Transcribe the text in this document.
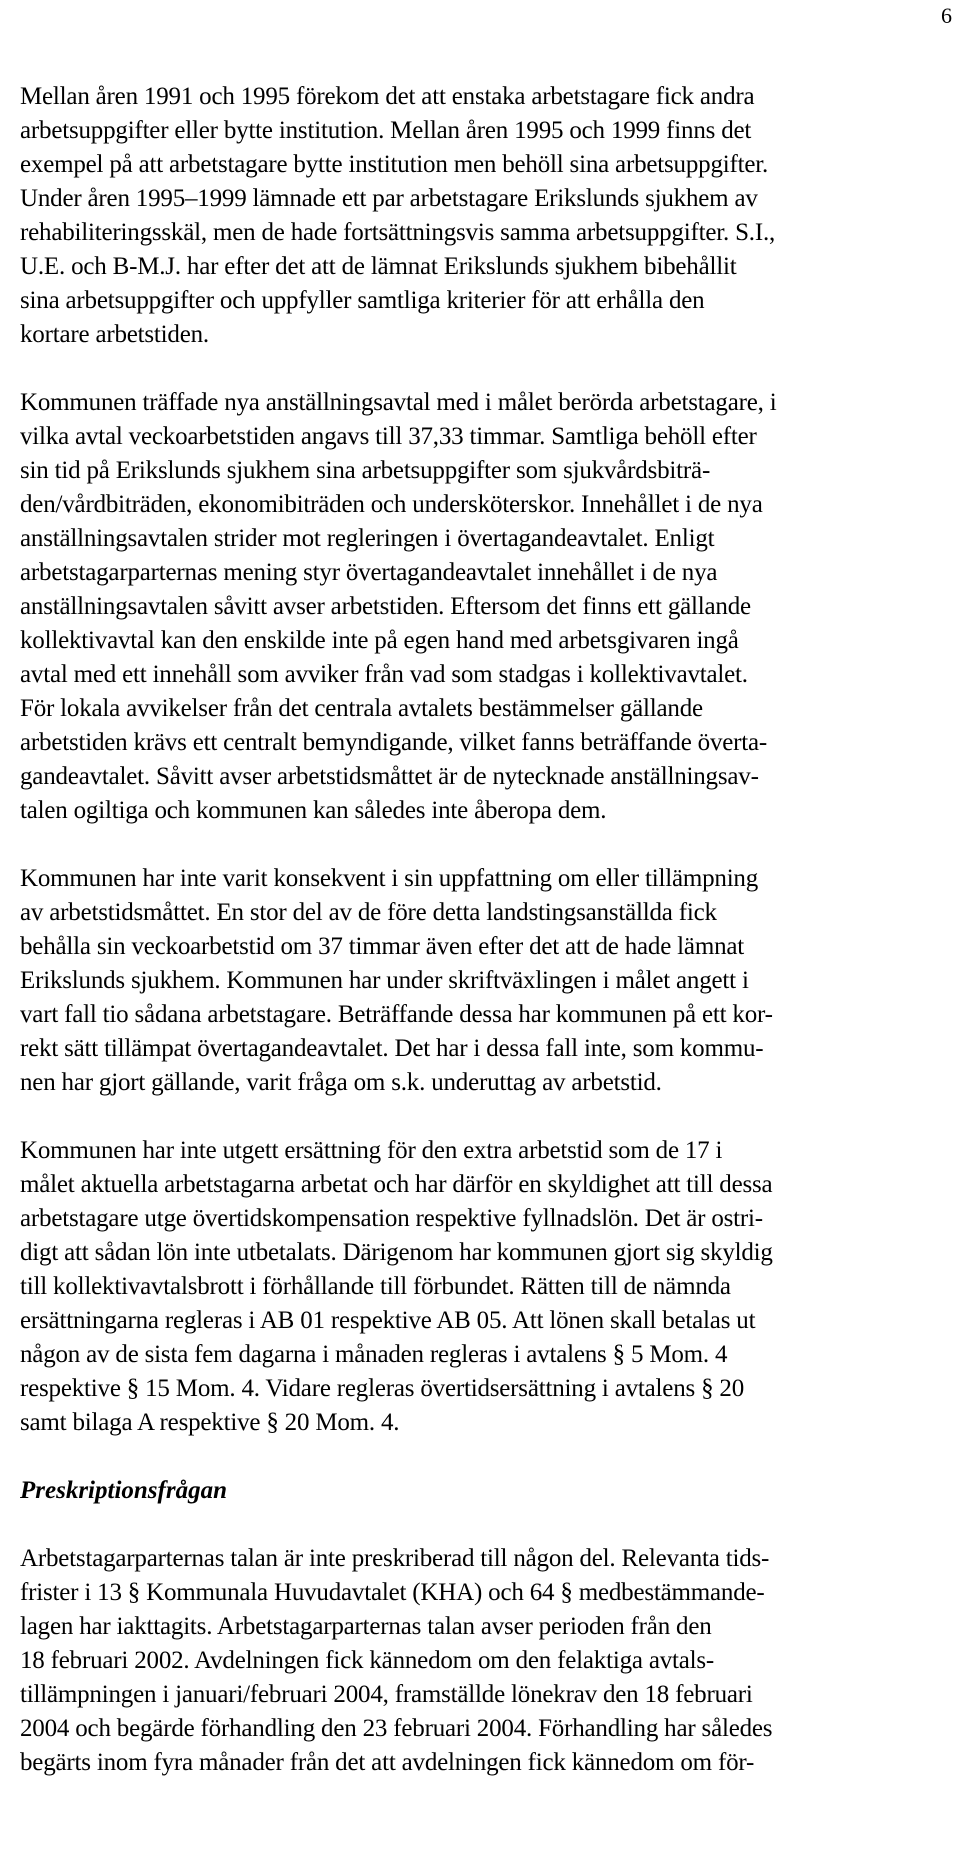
6

Mellan åren 1991 och 1995 förekom det att enstaka arbetstagare fick andra
arbetsuppgifter eller bytte institution. Mellan åren 1995 och 1999 finns det
exempel på att arbetstagare bytte institution men behöll sina arbetsuppgifter.
Under åren 1995–1999 lämnade ett par arbetstagare Erikslunds sjukhem av
rehabiliteringsskäl, men de hade fortsättningsvis samma arbetsuppgifter. S.I.,
U.E. och B-M.J. har efter det att de lämnat Erikslunds sjukhem bibehållit
sina arbetsuppgifter och uppfyller samtliga kriterier för att erhålla den
kortare arbetstiden.

Kommunen träffade nya anställningsavtal med i målet berörda arbetstagare, i
vilka avtal veckoarbetstiden angavs till 37,33 timmar. Samtliga behöll efter
sin tid på Erikslunds sjukhem sina arbetsuppgifter som sjukvårdsbiträ-
den/vårdbiträden, ekonomibiträden och undersköterskor. Innehållet i de nya
anställningsavtalen strider mot regleringen i övertagandeavtalet. Enligt
arbetstagarparternas mening styr övertagandeavtalet innehållet i de nya
anställningsavtalen såvitt avser arbetstiden. Eftersom det finns ett gällande
kollektivavtal kan den enskilde inte på egen hand med arbetsgivaren ingå
avtal med ett innehåll som avviker från vad som stadgas i kollektivavtalet.
För lokala avvikelser från det centrala avtalets bestämmelser gällande
arbetstiden krävs ett centralt bemyndigande, vilket fanns beträffande överta-
gandeavtalet. Såvitt avser arbetstidsmåttet är de nytecknade anställningsav-
talen ogiltiga och kommunen kan således inte åberopa dem.

Kommunen har inte varit konsekvent i sin uppfattning om eller tillämpning
av arbetstidsmåttet. En stor del av de före detta landstingsanställda fick
behålla sin veckoarbetstid om 37 timmar även efter det att de hade lämnat
Erikslunds sjukhem. Kommunen har under skriftväxlingen i målet angett i
vart fall tio sådana arbetstagare. Beträffande dessa har kommunen på ett kor-
rekt sätt tillämpat övertagandeavtalet. Det har i dessa fall inte, som kommu-
nen har gjort gällande, varit fråga om s.k. underuttag av arbetstid.

Kommunen har inte utgett ersättning för den extra arbetstid som de 17 i
målet aktuella arbetstagarna arbetat och har därför en skyldighet att till dessa
arbetstagare utge övertidskompensation respektive fyllnadslön. Det är ostri-
digt att sådan lön inte utbetalats. Därigenom har kommunen gjort sig skyldig
till kollektivavtalsbrott i förhållande till förbundet. Rätten till de nämnda
ersättningarna regleras i AB 01 respektive AB 05. Att lönen skall betalas ut
någon av de sista fem dagarna i månaden regleras i avtalens § 5 Mom. 4
respektive § 15 Mom. 4. Vidare regleras övertidsersättning i avtalens § 20
samt bilaga A respektive § 20 Mom. 4.

Preskriptionsfrågan

Arbetstagarparternas talan är inte preskriberad till någon del. Relevanta tids-
frister i 13 § Kommunala Huvudavtalet (KHA) och 64 § medbestämmande-
lagen har iakttagits. Arbetstagarparternas talan avser perioden från den
18 februari 2002. Avdelningen fick kännedom om den felaktiga avtals-
tillämpningen i januari/februari 2004, framställde lönekrav den 18 februari
2004 och begärde förhandling den 23 februari 2004. Förhandling har således
begärts inom fyra månader från det att avdelningen fick kännedom om för-
